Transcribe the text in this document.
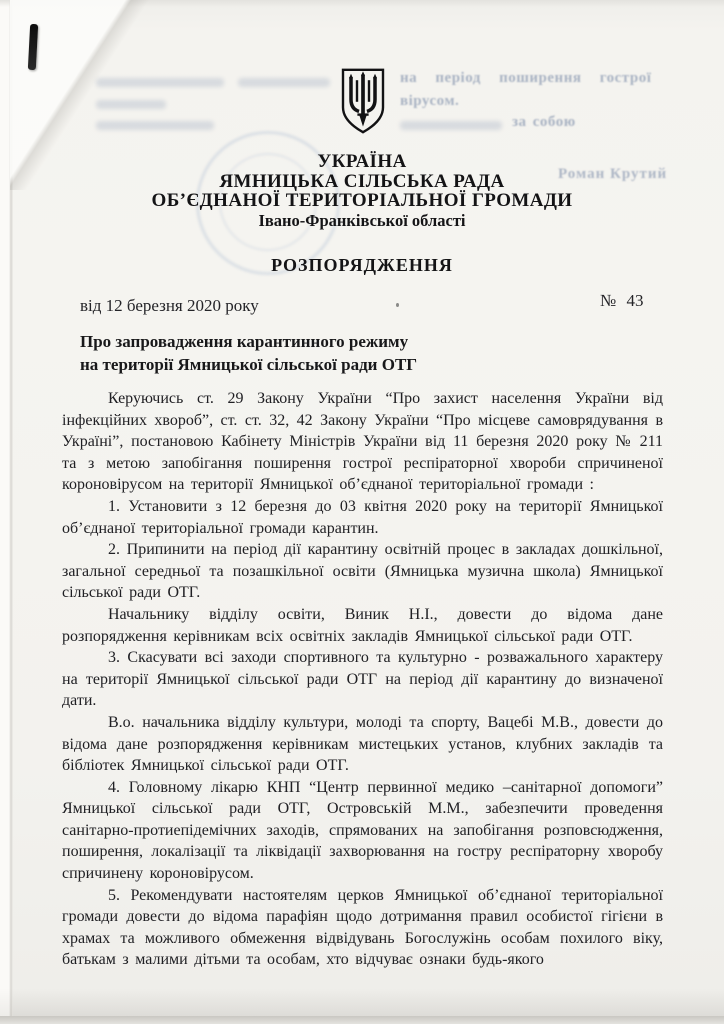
на період поширення гострої
вірусом.
за собою
Роман Крутий
УКРАЇНА
ЯМНИЦЬКА СІЛЬСЬКА РАДА
ОБ’ЄДНАНОЇ ТЕРИТОРІАЛЬНОЇ ГРОМАДИ
Івано-Франківської області
РОЗПОРЯДЖЕННЯ
від 12 березня 2020 року	№ 43
Про запровадження карантинного режиму
на території Ямницької сільської ради ОТГ

Керуючись ст. 29 Закону України “Про захист населення України від інфекційних хвороб”, ст. ст. 32, 42 Закону України “Про місцеве самоврядування в Україні”, постановою Кабінету Міністрів України від 11 березня 2020 року № 211 та з метою запобігання поширення гострої респіраторної хвороби спричиненої короновірусом на території Ямницької об’єднаної територіальної громади :

1. Установити з 12 березня до 03 квітня 2020 року на території Ямницької об’єднаної територіальної громади карантин.

2. Припинити на період дії карантину освітній процес в закладах дошкільної, загальної середньої та позашкільної освіти (Ямницька музична школа) Ямницької сільської ради ОТГ.

Начальнику відділу освіти, Виник Н.І., довести до відома дане розпорядження керівникам всіх освітніх закладів Ямницької сільської ради ОТГ.

3. Скасувати всі заходи спортивного та культурно - розважального характеру на території Ямницької сільської ради ОТГ на період дії карантину до визначеної дати.

В.о. начальника відділу культури, молоді та спорту, Вацебі М.В., довести до відома дане розпорядження керівникам мистецьких установ, клубних закладів та бібліотек Ямницької сільської ради ОТГ.

4. Головному лікарю КНП “Центр первинної медико –санітарної допомоги” Ямницької сільської ради ОТГ, Островській М.М., забезпечити проведення санітарно-протиепідемічних заходів, спрямованих на запобігання розповсюдження, поширення, локалізації та ліквідації захворювання на гостру респіраторну хворобу спричинену короновірусом.

5. Рекомендувати настоятелям церков Ямницької об’єднаної територіальної громади довести до відома парафіян щодо дотримання правил особистої гігієни в храмах та можливого обмеження відвідувань Богослужінь особам похилого віку, батькам з малими дітьми та особам, хто відчуває ознаки будь-якого
